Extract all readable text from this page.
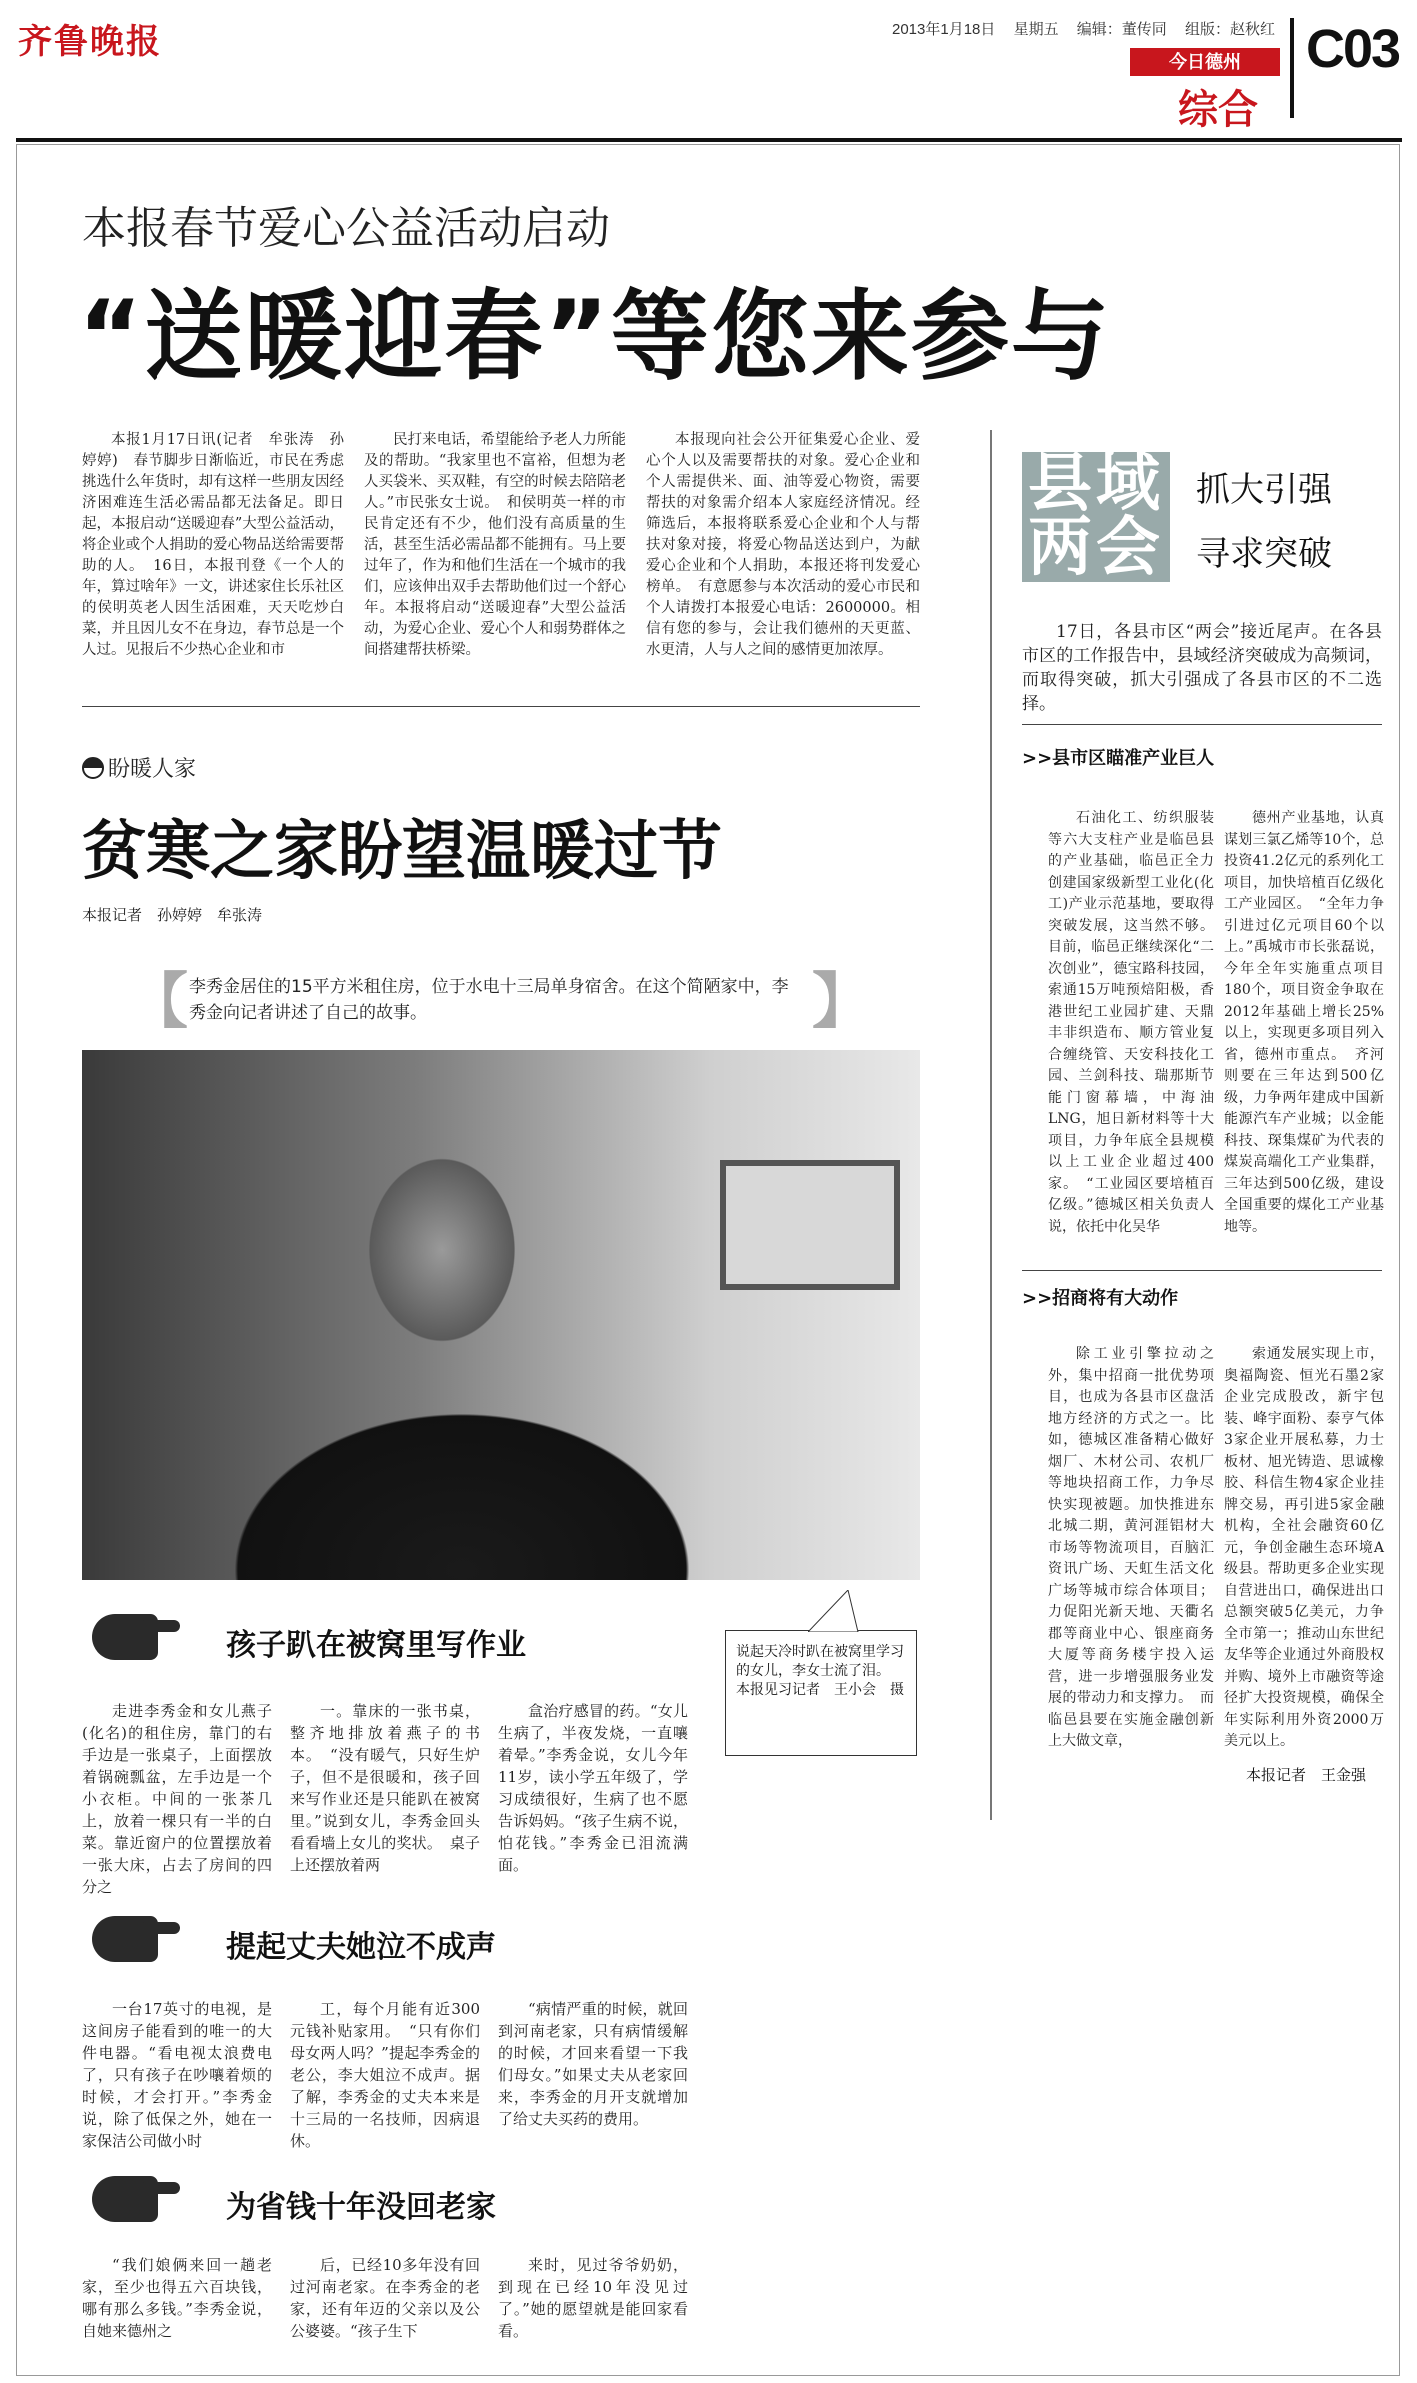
齐鲁晚报	2013年1月18日 星期五 编辑：董传同 组版：赵秋红
今日德州
综合
C03
本报春节爱心公益活动启动
“送暖迎春”等您来参与

本报1月17日讯(记者　牟张涛　孙婷婷)　春节脚步日渐临近，市民在秀虑挑选什么年货时，却有这样一些朋友因经济困难连生活必需品都无法备足。即日起，本报启动“送暖迎春”大型公益活动，将企业或个人捐助的爱心物品送给需要帮助的人。　16日，本报刊登《一个人的年，算过啥年》一文，讲述家住长乐社区的侯明英老人因生活困难，天天吃炒白菜，并且因儿女不在身边，春节总是一个人过。见报后不少热心企业和市

民打来电话，希望能给予老人力所能及的帮助。“我家里也不富裕，但想为老人买袋米、买双鞋，有空的时候去陪陪老人。”市民张女士说。　和侯明英一样的市民肯定还有不少，他们没有高质量的生活，甚至生活必需品都不能拥有。马上要过年了，作为和他们生活在一个城市的我们，应该伸出双手去帮助他们过一个舒心年。本报将启动“送暖迎春”大型公益活动，为爱心企业、爱心个人和弱势群体之间搭建帮扶桥梁。

本报现向社会公开征集爱心企业、爱心个人以及需要帮扶的对象。爱心企业和个人需提供米、面、油等爱心物资，需要帮扶的对象需介绍本人家庭经济情况。经筛选后，本报将联系爱心企业和个人与帮扶对象对接，将爱心物品送达到户，为献爱心企业和个人捐助，本报还将刊发爱心榜单。　有意愿参与本次活动的爱心市民和个人请拨打本报爱心电话：2600000。相信有您的参与，会让我们德州的天更蓝、水更清，人与人之间的感情更加浓厚。

县域
两会
抓大引强
寻求突破

17日，各县市区“两会”接近尾声。在各县市区的工作报告中，县域经济突破成为高频词，而取得突破，抓大引强成了各县市区的不二选择。

>>县市区瞄准产业巨人

石油化工、纺织服装等六大支柱产业是临邑县的产业基础，临邑正全力创建国家级新型工业化(化工)产业示范基地，要取得突破发展，这当然不够。目前，临邑正继续深化“二次创业”，德宝路科技园，索通15万吨预焙阳极，香港世纪工业园扩建、天鼎丰非织造布、顺方管业复合缠绕管、天安科技化工园、兰剑科技、瑞那斯节能门窗幕墙，中海油LNG，旭日新材料等十大项目，力争年底全县规模以上工业企业超过400家。　“工业园区要培植百亿级。”德城区相关负责人说，依托中化吴华

德州产业基地，认真谋划三氯乙烯等10个，总投资41.2亿元的系列化工项目，加快培植百亿级化工产业园区。　“全年力争引进过亿元项目60个以上。”禹城市市长张磊说，今年全年实施重点项目180个，项目资金争取在2012年基础上增长25%以上，实现更多项目列入省，德州市重点。　齐河则要在三年达到500亿级，力争两年建成中国新能源汽车产业城；以金能科技、琛集煤矿为代表的煤炭高端化工产业集群，三年达到500亿级，建设全国重要的煤化工产业基地等。

>>招商将有大动作

除工业引擎拉动之外，集中招商一批优势项目，也成为各县市区盘活地方经济的方式之一。比如，德城区准备精心做好烟厂、木材公司、农机厂等地块招商工作，力争尽快实现被题。加快推进东北城二期，黄河涯铝材大市场等物流项目，百脑汇资讯广场、天虹生活文化广场等城市综合体项目；力促阳光新天地、天衢名郡等商业中心、银座商务大厦等商务楼宇投入运营，进一步增强服务业发展的带动力和支撑力。　而临邑县要在实施金融创新上大做文章，

索通发展实现上市，奥福陶瓷、恒光石墨2家企业完成股改，新宇包装、峰宇面粉、泰亨气体3家企业开展私募，力士板材、旭光铸造、思诚橡胶、科信生物4家企业挂牌交易，再引进5家金融机构，全社会融资60亿元，争创金融生态环境A级县。帮助更多企业实现自营进出口，确保进出口总额突破5亿美元，力争全市第一；推动山东世纪友华等企业通过外商股权并购、境外上市融资等途径扩大投资规模，确保全年实际利用外资2000万美元以上。

本报记者　王金强
盼暖人家
贫寒之家盼望温暖过节
本报记者　孙婷婷　牟张涛
【 李秀金居住的15平方米租住房，位于水电十三局单身宿舍。在这个简陋家中，李秀金向记者讲述了自己的故事。	】
说起天冷时趴在被窝里学习的女儿，李女士流了泪。　本报见习记者　王小会　摄
孩子趴在被窝里写作业

走进李秀金和女儿燕子(化名)的租住房，靠门的右手边是一张桌子，上面摆放着锅碗瓢盆，左手边是一个小衣柜。中间的一张茶几上，放着一棵只有一半的白菜。靠近窗户的位置摆放着一张大床，占去了房间的四分之

一。靠床的一张书桌，整齐地排放着燕子的书本。　“没有暖气，只好生炉子，但不是很暖和，孩子回来写作业还是只能趴在被窝里。”说到女儿，李秀金回头看看墙上女儿的奖状。　桌子上还摆放着两

盒治疗感冒的药。“女儿生病了，半夜发烧，一直嚷着晕。”李秀金说，女儿今年11岁，读小学五年级了，学习成绩很好，生病了也不愿告诉妈妈。“孩子生病不说，怕花钱。”李秀金已泪流满面。

提起丈夫她泣不成声

一台17英寸的电视，是这间房子能看到的唯一的大件电器。“看电视太浪费电了，只有孩子在吵嚷着烦的时候，才会打开。”李秀金说，除了低保之外，她在一家保洁公司做小时

工，每个月能有近300元钱补贴家用。　“只有你们母女两人吗？”提起李秀金的老公，李大姐泣不成声。据了解，李秀金的丈夫本来是十三局的一名技师，因病退休。

“病情严重的时候，就回到河南老家，只有病情缓解的时候，才回来看望一下我们母女。”如果丈夫从老家回来，李秀金的月开支就增加了给丈夫买药的费用。

为省钱十年没回老家

“我们娘俩来回一趟老家，至少也得五六百块钱，哪有那么多钱。”李秀金说，自她来德州之

后，已经10多年没有回过河南老家。在李秀金的老家，还有年迈的父亲以及公公婆婆。“孩子生下

来时，见过爷爷奶奶，到现在已经10年没见过了。”她的愿望就是能回家看看。
